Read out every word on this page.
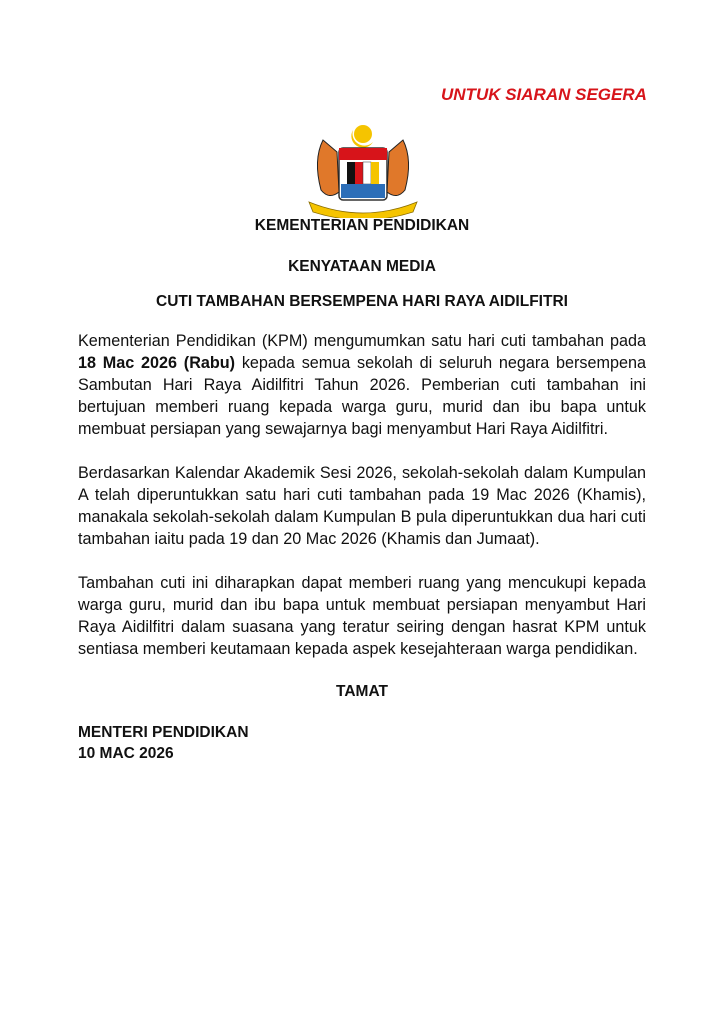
UNTUK SIARAN SEGERA
KEMENTERIAN PENDIDIKAN
KENYATAAN MEDIA
CUTI TAMBAHAN BERSEMPENA HARI RAYA AIDILFITRI
Kementerian Pendidikan (KPM) mengumumkan satu hari cuti tambahan pada 18 Mac 2026 (Rabu) kepada semua sekolah di seluruh negara bersempena Sambutan Hari Raya Aidilfitri Tahun 2026. Pemberian cuti tambahan ini bertujuan memberi ruang kepada warga guru, murid dan ibu bapa untuk membuat persiapan yang sewajarnya bagi menyambut Hari Raya Aidilfitri.
Berdasarkan Kalendar Akademik Sesi 2026, sekolah-sekolah dalam Kumpulan A telah diperuntukkan satu hari cuti tambahan pada 19 Mac 2026 (Khamis), manakala sekolah-sekolah dalam Kumpulan B pula diperuntukkan dua hari cuti tambahan iaitu pada 19 dan 20 Mac 2026 (Khamis dan Jumaat).
Tambahan cuti ini diharapkan dapat memberi ruang yang mencukupi kepada warga guru, murid dan ibu bapa untuk membuat persiapan menyambut Hari Raya Aidilfitri dalam suasana yang teratur seiring dengan hasrat KPM untuk sentiasa memberi keutamaan kepada aspek kesejahteraan warga pendidikan.
TAMAT
MENTERI PENDIDIKAN
10 MAC 2026
